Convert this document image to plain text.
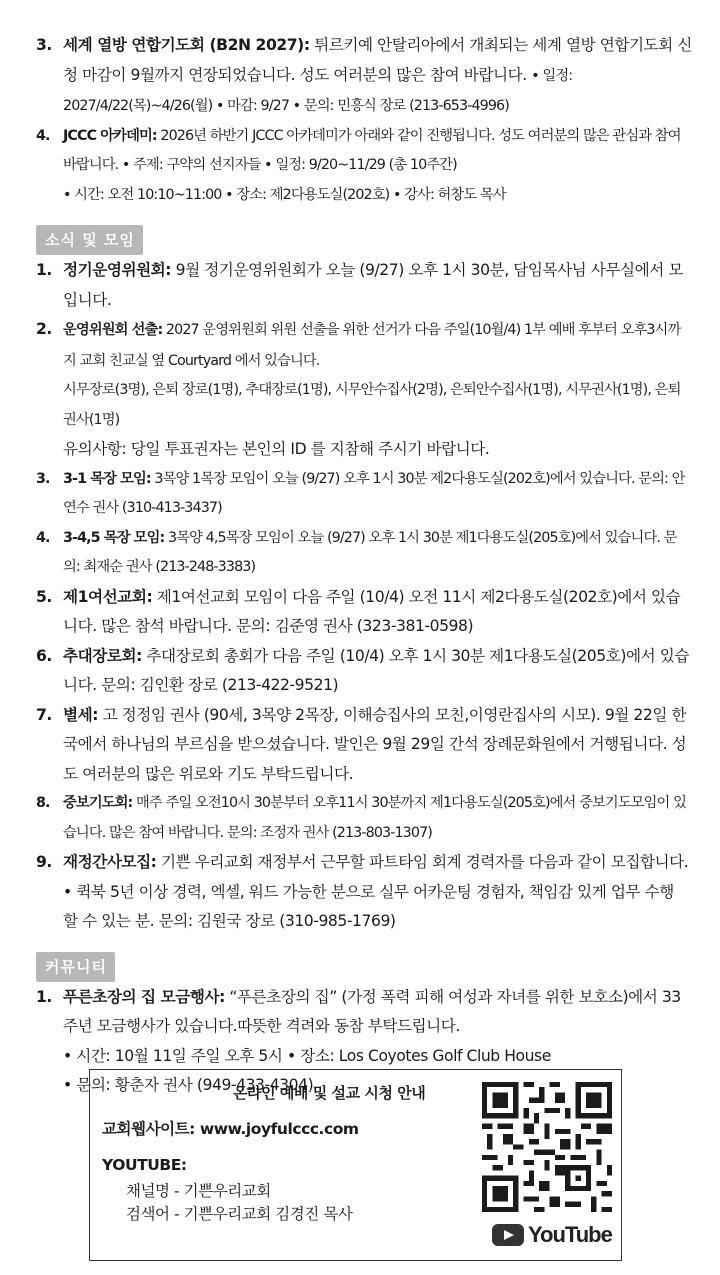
3. 세계 열방 연합기도회 (B2N 2027): 튀르키예 안탈리아에서 개최되는 세계 열방 연합기도회 신청 마감이 9월까지 연장되었습니다. 성도 여러분의 많은 참여 바랍니다. • 일정: 2027/4/22(목)~4/26(월) • 마감: 9/27 • 문의: 민흥식 장로 (213-653-4996)
4. JCCC 아카데미: 2026년 하반기 JCCC 아카데미가 아래와 같이 진행됩니다. 성도 여러분의 많은 관심과 참여 바랍니다. • 주제: 구약의 선지자들 • 일정: 9/20~11/29 (총 10주간)
• 시간: 오전 10:10~11:00 • 장소: 제2다용도실(202호) • 강사: 허창도 목사
소식 및 모임
1. 정기운영위원회: 9월 정기운영위원회가 오늘 (9/27) 오후 1시 30분, 담임목사님 사무실에서 모입니다.
2. 운영위원회 선출: 2027 운영위원회 위원 선출을 위한 선거가 다음 주일(10월/4) 1부 예배 후부터 오후3시까지 교회 친교실 옆 Courtyard 에서 있습니다.
시무장로(3명), 은퇴 장로(1명), 추대장로(1명), 시무안수집사(2명), 은퇴안수집사(1명), 시무권사(1명), 은퇴권사(1명)
유의사항: 당일 투표권자는 본인의 ID 를 지참해 주시기 바랍니다.
3. 3-1 목장 모임: 3목양 1목장 모임이 오늘 (9/27) 오후 1시 30분 제2다용도실(202호)에서 있습니다. 문의: 안연수 권사 (310-413-3437)
4. 3-4,5 목장 모임: 3목양 4,5목장 모임이 오늘 (9/27) 오후 1시 30분 제1다용도실(205호)에서 있습니다. 문의: 최재순 권사 (213-248-3383)
5. 제1여선교회: 제1여선교회 모임이 다음 주일 (10/4) 오전 11시 제2다용도실(202호)에서 있습니다. 많은 참석 바랍니다. 문의: 김준영 권사 (323-381-0598)
6. 추대장로회: 추대장로회 총회가 다음 주일 (10/4) 오후 1시 30분 제1다용도실(205호)에서 있습니다. 문의: 김인환 장로 (213-422-9521)
7. 별세: 고 정정임 권사 (90세, 3목양 2목장, 이해승집사의 모친,이영란집사의 시모). 9월 22일 한국에서 하나님의 부르심을 받으셨습니다. 발인은 9월 29일 간석 장례문화원에서 거행됩니다. 성도 여러분의 많은 위로와 기도 부탁드립니다.
8. 중보기도회: 매주 주일 오전10시 30분부터 오후11시 30분까지 제1다용도실(205호)에서 중보기도모임이 있습니다. 많은 참여 바랍니다. 문의: 조정자 권사 (213-803-1307)
9. 재정간사모집: 기쁜 우리교회 재정부서 근무할 파트타임 회계 경력자를 다음과 같이 모집합니다. • 퀵북 5년 이상 경력, 엑셀, 워드 가능한 분으로 실무 어카운팅 경험자, 책임감 있게 업무 수행 할 수 있는 분. 문의: 김원국 장로 (310-985-1769)
커뮤니티
1. 푸른초장의 집 모금행사: “푸른초장의 집” (가정 폭력 피해 여성과 자녀를 위한 보호소)에서 33주년 모금행사가 있습니다.따뜻한 격려와 동참 부탁드립니다.
• 시간: 10월 11일 주일 오후 5시 • 장소: Los Coyotes Golf Club House
• 문의: 황춘자 권사 (949-433-4304)
온라인 예배 및 설교 시청 안내
교회웹사이트: www.joyfulccc.com
YOUTUBE:
채널명 - 기쁜우리교회
검색어 - 기쁜우리교회 김경진 목사
YouTube
